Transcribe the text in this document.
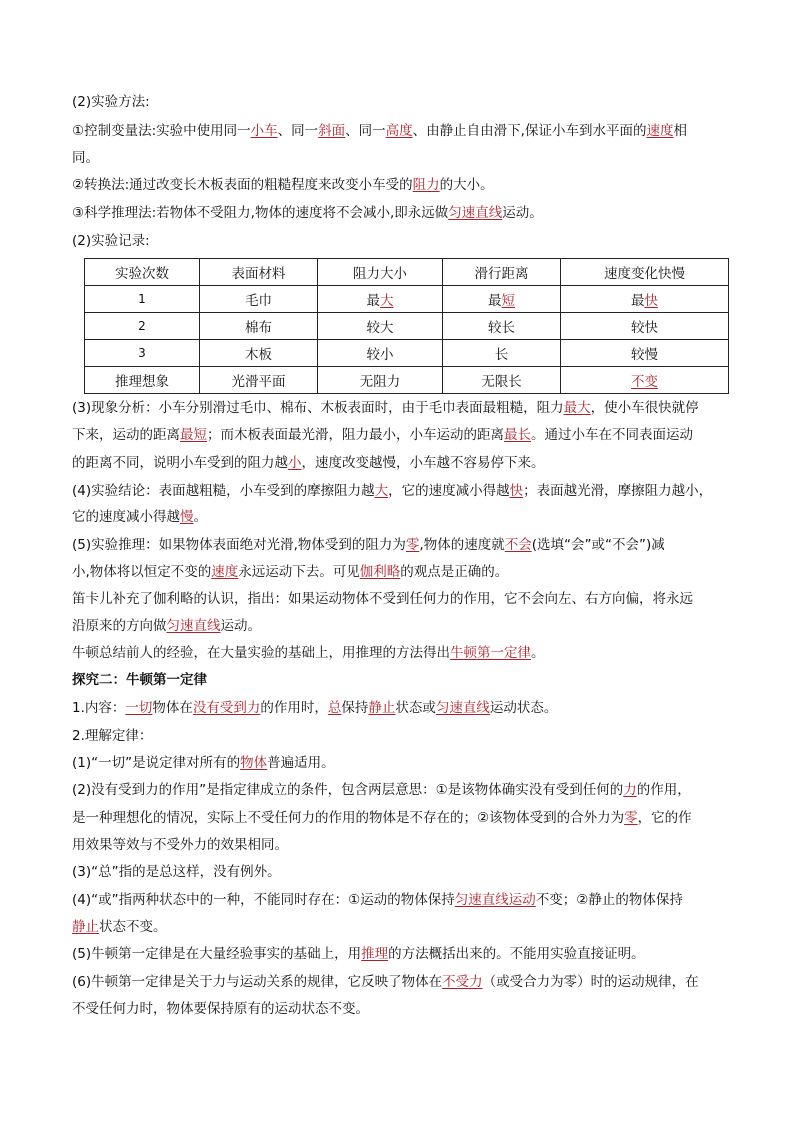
(2)实验方法:
①控制变量法:实验中使用同一小车、同一斜面、同一高度、由静止自由滑下,保证小车到水平面的速度相
同。
②转换法:通过改变长木板表面的粗糙程度来改变小车受的阻力的大小。
③科学推理法:若物体不受阻力,物体的速度将不会减小,即永远做匀速直线运动。
(2)实验记录:
实验次数	表面材料	阻力大小	滑行距离	速度变化快慢
1	毛巾	最大	最短	最快
2	棉布	较大	较长	较快
3	木板	较小	长	较慢
推理想象	光滑平面	无阻力	无限长	不变
(3)现象分析：小车分别滑过毛巾、棉布、木板表面时，由于毛巾表面最粗糙，阻力最大，使小车很快就停
下来，运动的距离最短；而木板表面最光滑，阻力最小，小车运动的距离最长。通过小车在不同表面运动
的距离不同，说明小车受到的阻力越小，速度改变越慢，小车越不容易停下来。
(4)实验结论：表面越粗糙，小车受到的摩擦阻力越大，它的速度减小得越快；表面越光滑，摩擦阻力越小，
它的速度减小得越慢。
(5)实验推理：如果物体表面绝对光滑,物体受到的阻力为零,物体的速度就不会(选填“会”或“不会”)减
小,物体将以恒定不变的速度永远运动下去。可见伽利略的观点是正确的。
笛卡儿补充了伽利略的认识，指出：如果运动物体不受到任何力的作用，它不会向左、右方向偏，将永远
沿原来的方向做匀速直线运动。
牛顿总结前人的经验，在大量实验的基础上，用推理的方法得出牛顿第一定律。
探究二：牛顿第一定律
1.内容：一切物体在没有受到力的作用时，总保持静止状态或匀速直线运动状态。
2.理解定律：
(1)“一切”是说定律对所有的物体普遍适用。
(2)没有受到力的作用”是指定律成立的条件，包含两层意思：①是该物体确实没有受到任何的力的作用，
是一种理想化的情况，实际上不受任何力的作用的物体是不存在的；②该物体受到的合外力为零，它的作
用效果等效与不受外力的效果相同。
(3)“总”指的是总这样，没有例外。
(4)“或”指两种状态中的一种，不能同时存在：①运动的物体保持匀速直线运动不变；②静止的物体保持
静止状态不变。
(5)牛顿第一定律是在大量经验事实的基础上，用推理的方法概括出来的。不能用实验直接证明。
(6)牛顿第一定律是关于力与运动关系的规律，它反映了物体在不受力（或受合力为零）时的运动规律，在
不受任何力时，物体要保持原有的运动状态不变。
